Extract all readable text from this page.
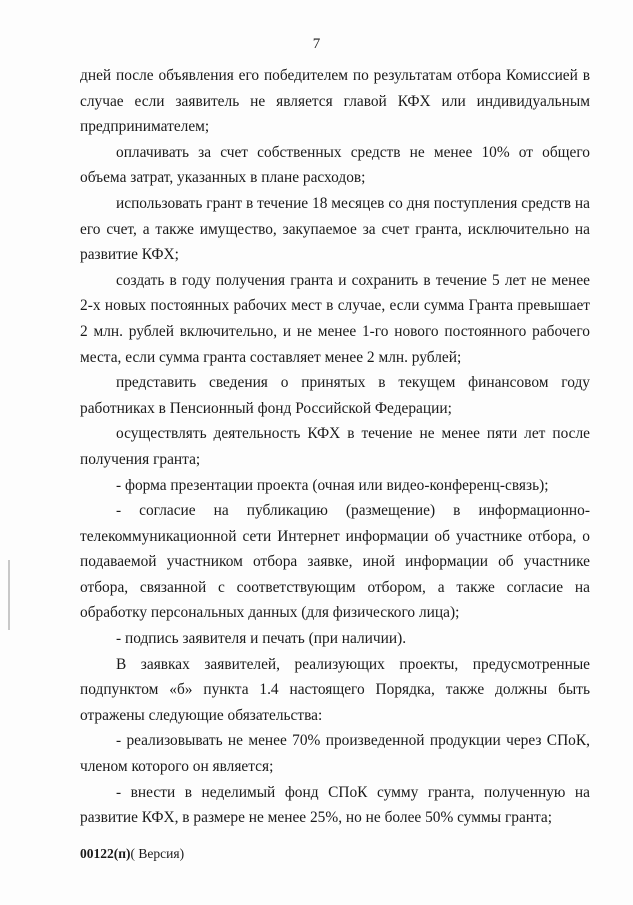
7

дней после объявления его победителем по результатам отбора Комиссией в случае если заявитель не является главой КФХ или индивидуальным предпринимателем;

оплачивать за счет собственных средств не менее 10% от общего объема затрат, указанных в плане расходов;

использовать грант в течение 18 месяцев со дня поступления средств на его счет, а также имущество, закупаемое за счет гранта, исключительно на развитие КФХ;

создать в году получения гранта и сохранить в течение 5 лет не менее 2-х новых постоянных рабочих мест в случае, если сумма Гранта превышает 2 млн. рублей включительно, и не менее 1-го нового постоянного рабочего места, если сумма гранта составляет менее 2 млн. рублей;

представить сведения о принятых в текущем финансовом году работниках в Пенсионный фонд Российской Федерации;

осуществлять деятельность КФХ в течение не менее пяти лет после получения гранта;

- форма презентации проекта (очная или видео-конференц-связь);

- согласие на публикацию (размещение) в информационно-телекоммуникационной сети Интернет информации об участнике отбора, о подаваемой участником отбора заявке, иной информации об участнике отбора, связанной с соответствующим отбором, а также согласие на обработку персональных данных (для физического лица);

- подпись заявителя и печать (при наличии).

В заявках заявителей, реализующих проекты, предусмотренные подпунктом «б» пункта 1.4 настоящего Порядка, также должны быть отражены следующие обязательства:

- реализовывать не менее 70% произведенной продукции через СПоК, членом которого он является;

- внести в неделимый фонд СПоК сумму гранта, полученную на развитие КФХ, в размере не менее 25%, но не более 50% суммы гранта;

00122(п)( Версия)
